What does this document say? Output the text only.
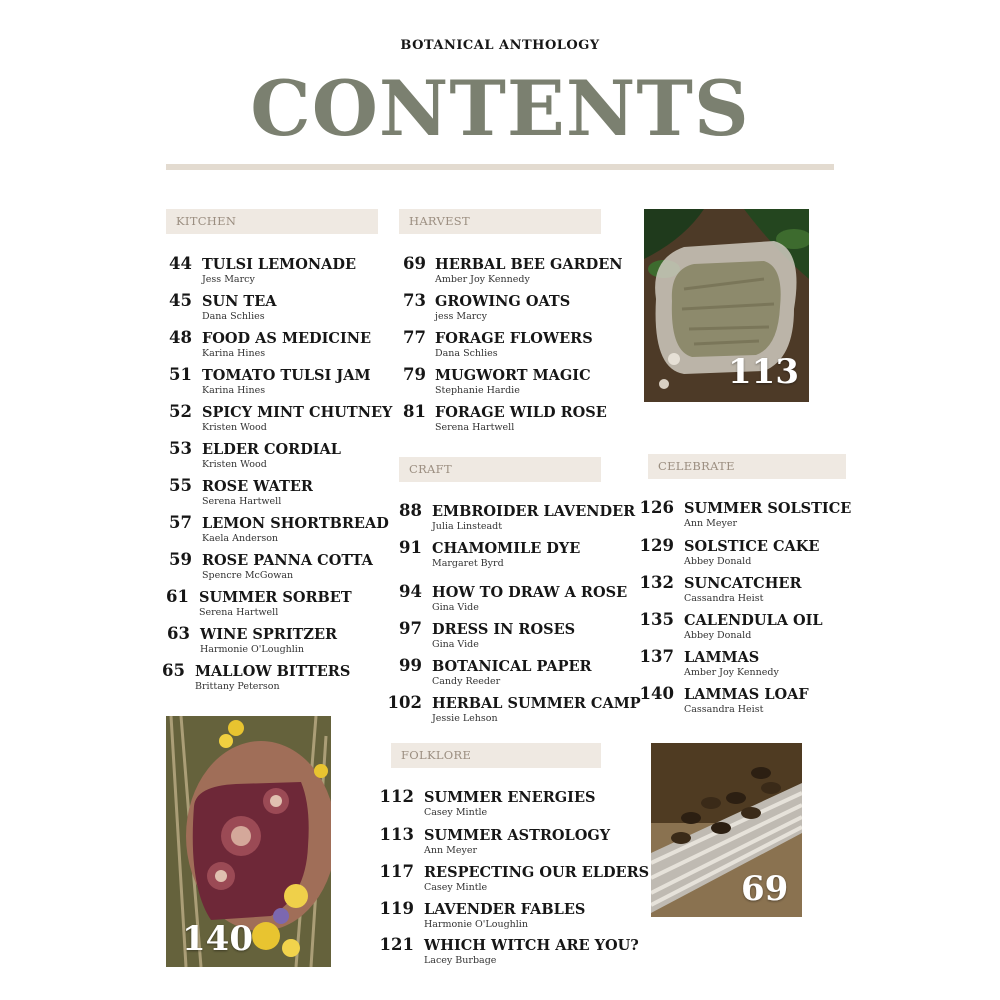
BOTANICAL ANTHOLOGY
CONTENTS
KITCHEN	HARVEST
CRAFT
FOLKLORE
CELEBRATE
44 TULSI LEMONADE
Jess Marcy
45 SUN TEA
Dana Schlies
48 FOOD AS MEDICINE
Karina Hines
51 TOMATO TULSI JAM
Karina Hines
52 SPICY MINT CHUTNEY
Kristen Wood
53 ELDER CORDIAL
Kristen Wood
55 ROSE WATER
Serena Hartwell
57 LEMON SHORTBREAD
Kaela Anderson
59 ROSE PANNA COTTA
Spencre McGowan
61 SUMMER SORBET
Serena Hartwell
63 WINE SPRITZER
Harmonie O'Loughlin
65 MALLOW BITTERS
Brittany Peterson
69 HERBAL BEE GARDEN
Amber Joy Kennedy
73 GROWING OATS
jess Marcy
77 FORAGE FLOWERS
Dana Schlies
79 MUGWORT MAGIC
Stephanie Hardie
81 FORAGE WILD ROSE
Serena Hartwell
88 EMBROIDER LAVENDER
Julia Linsteadt
91 CHAMOMILE DYE
Margaret Byrd
94 HOW TO DRAW A ROSE
Gina Vide
97 DRESS IN ROSES
Gina Vide
99 BOTANICAL PAPER
Candy Reeder
102 HERBAL SUMMER CAMP
Jessie Lehson
112 SUMMER ENERGIES
Casey Mintle
113 SUMMER ASTROLOGY
Ann Meyer
117 RESPECTING OUR ELDERS
Casey Mintle
119 LAVENDER FABLES
Harmonie O'Loughlin
121 WHICH WITCH ARE YOU?
Lacey Burbage
126 SUMMER SOLSTICE
Ann Meyer
129 SOLSTICE CAKE
Abbey Donald
132 SUNCATCHER
Cassandra Heist
135 CALENDULA OIL
Abbey Donald
137 LAMMAS
Amber Joy Kennedy
140 LAMMAS LOAF
Cassandra Heist
113
140
69
